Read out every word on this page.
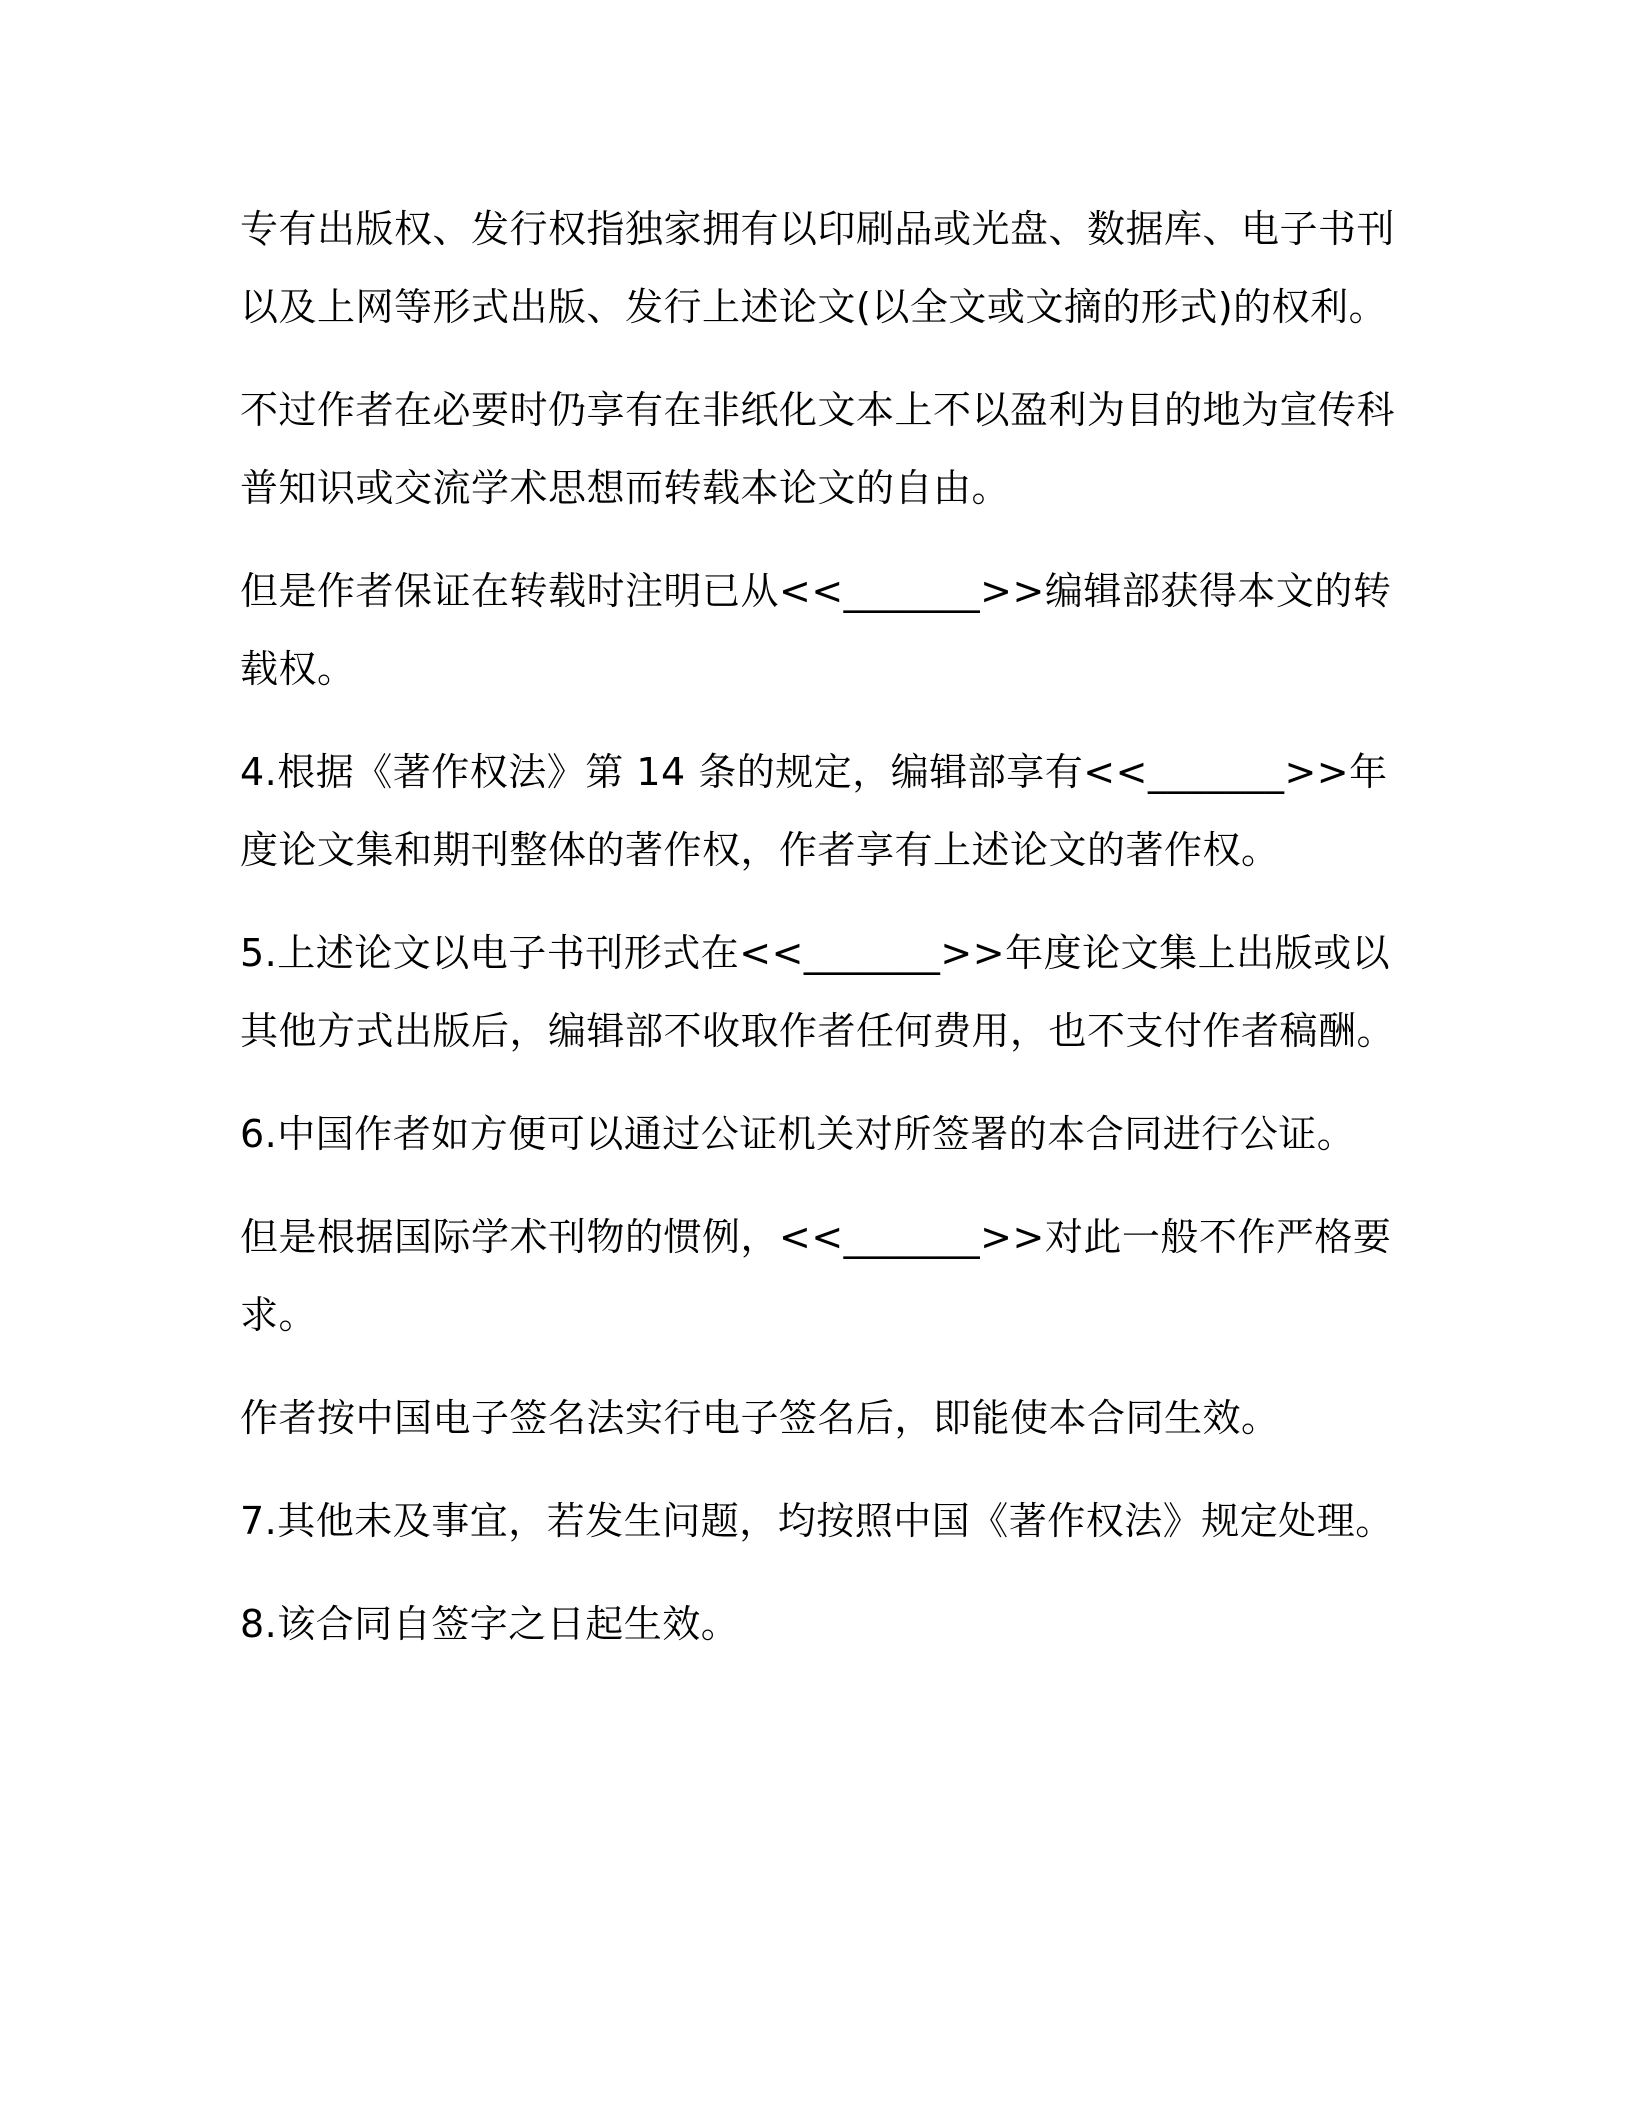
专有出版权、发行权指独家拥有以印刷品或光盘、数据库、电子书刊以及上网等形式出版、发行上述论文(以全文或文摘的形式)的权利。

不过作者在必要时仍享有在非纸化文本上不以盈利为目的地为宣传科普知识或交流学术思想而转载本论文的自由。

但是作者保证在转载时注明已从<<_______>>编辑部获得本文的转载权。

4.根据《著作权法》第 14 条的规定，编辑部享有<<_______>>年度论文集和期刊整体的著作权，作者享有上述论文的著作权。

5.上述论文以电子书刊形式在<<_______>>年度论文集上出版或以其他方式出版后，编辑部不收取作者任何费用，也不支付作者稿酬。

6.中国作者如方便可以通过公证机关对所签署的本合同进行公证。

但是根据国际学术刊物的惯例，<<_______>>对此一般不作严格要求。

作者按中国电子签名法实行电子签名后，即能使本合同生效。

7.其他未及事宜，若发生问题，均按照中国《著作权法》规定处理。

8.该合同自签字之日起生效。
